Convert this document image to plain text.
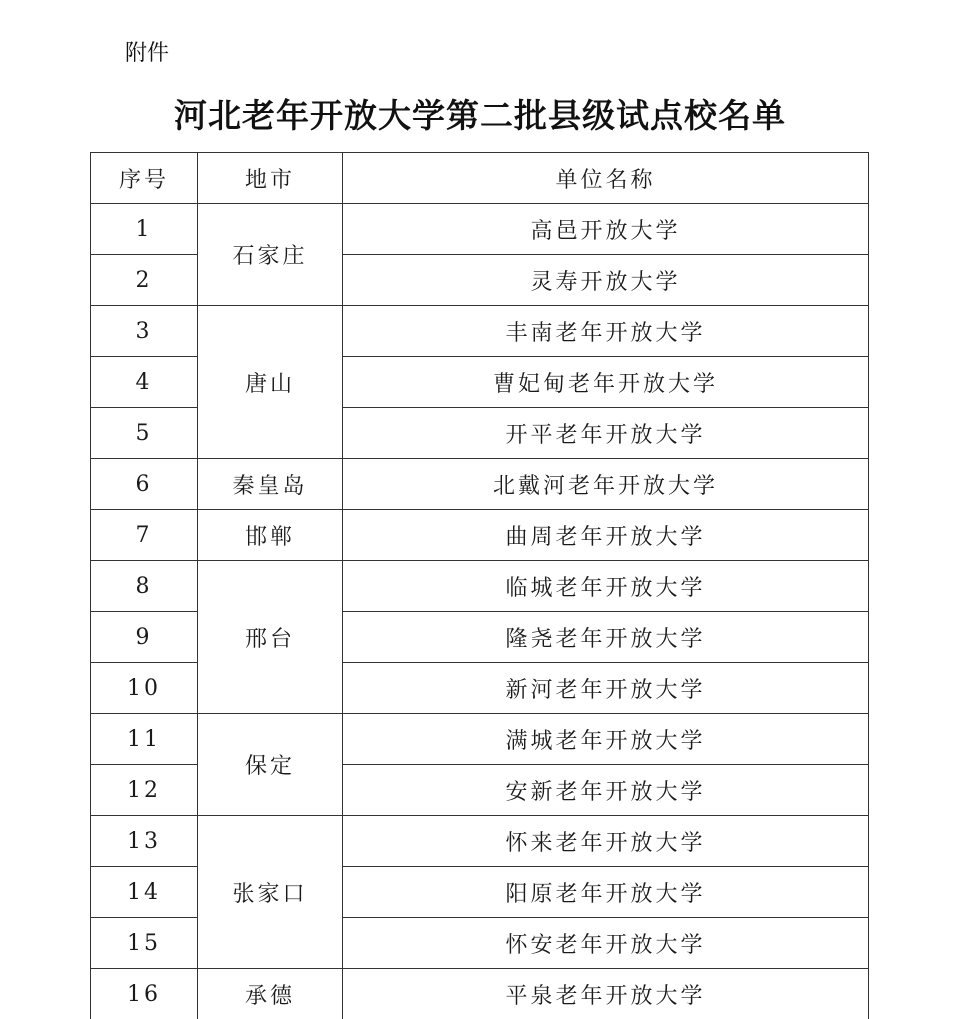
附件
河北老年开放大学第二批县级试点校名单
序号	地市	单位名称
1	石家庄	高邑开放大学
2		灵寿开放大学
3	唐山	丰南老年开放大学
4		曹妃甸老年开放大学
5		开平老年开放大学
6	秦皇岛	北戴河老年开放大学
7	邯郸	曲周老年开放大学
8	邢台	临城老年开放大学
9		隆尧老年开放大学
10		新河老年开放大学
11	保定	满城老年开放大学
12		安新老年开放大学
13	张家口	怀来老年开放大学
14		阳原老年开放大学
15		怀安老年开放大学
16	承德	平泉老年开放大学
